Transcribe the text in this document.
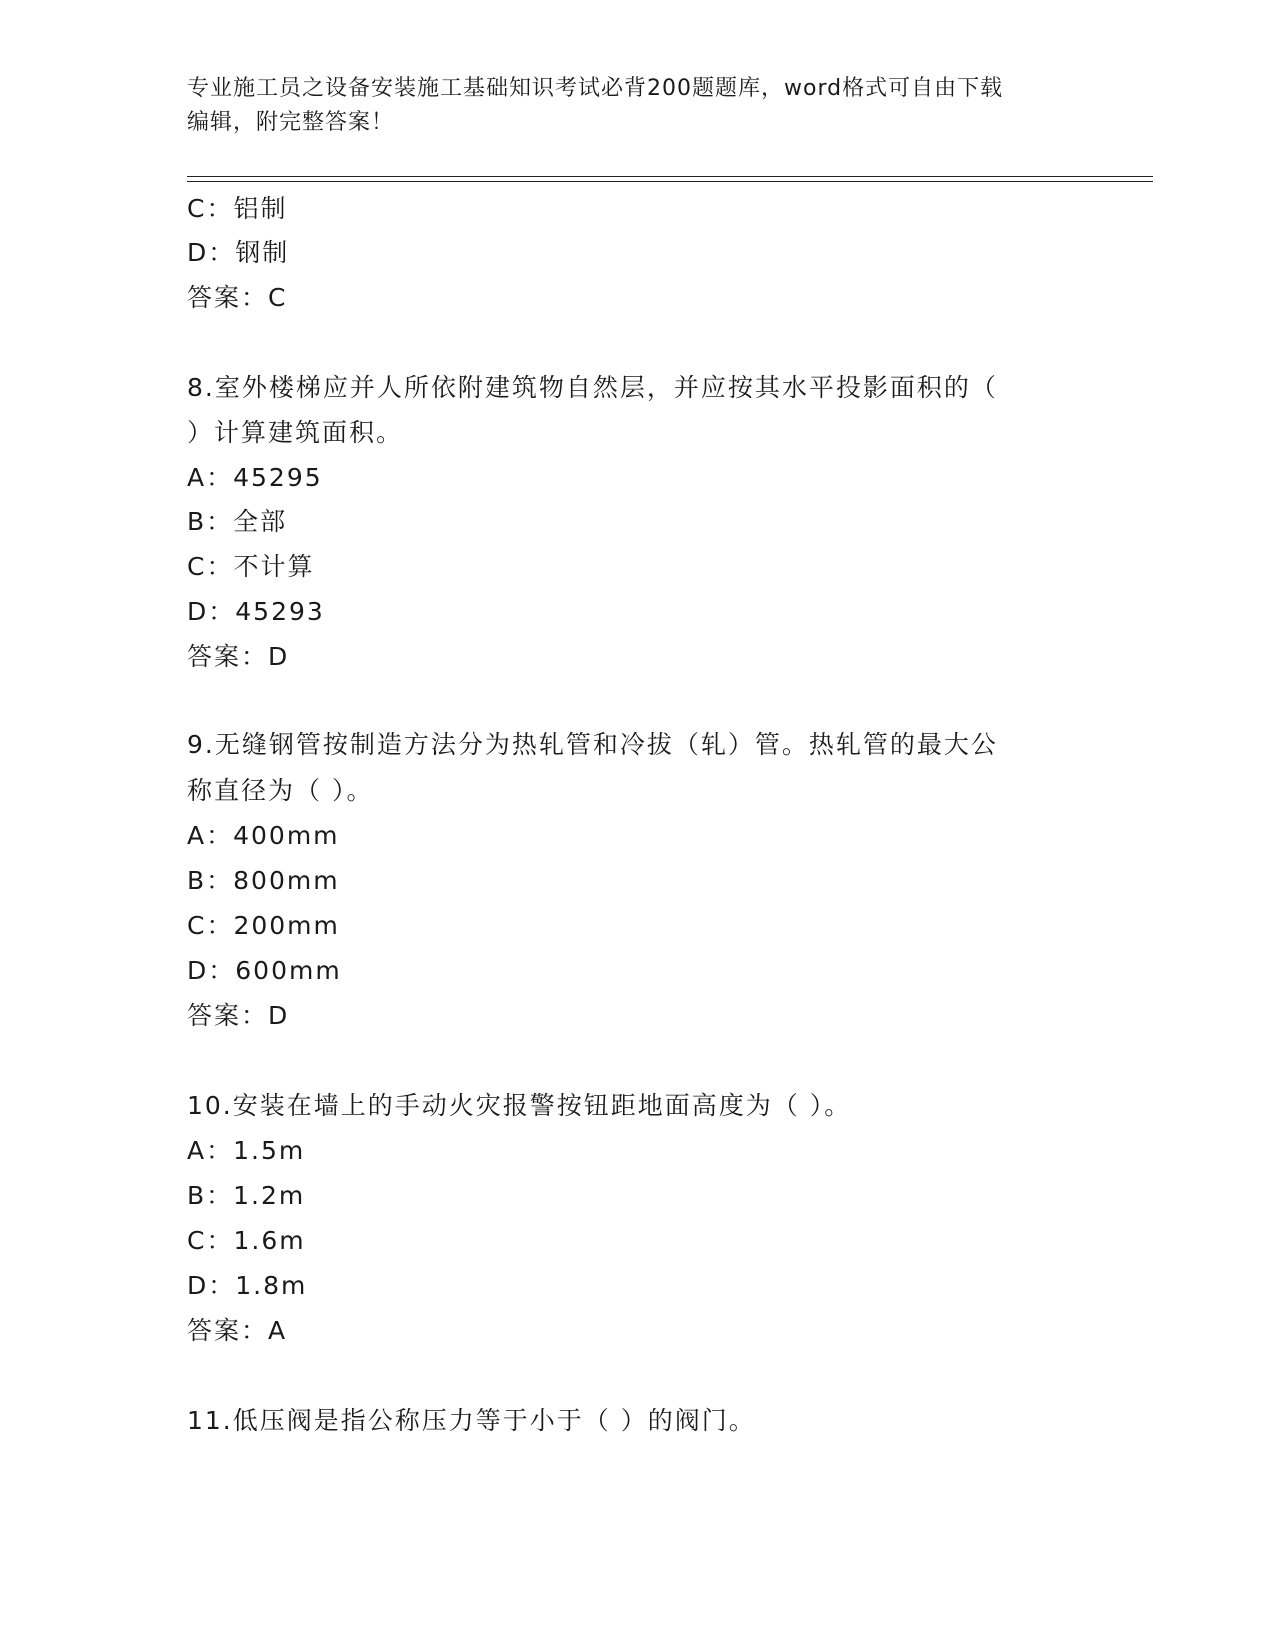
专业施工员之设备安装施工基础知识考试必背200题题库，word格式可自由下载
编辑，附完整答案！
C：铝制
D：钢制
答案：C
8.室外楼梯应并人所依附建筑物自然层，并应按其水平投影面积的（
）计算建筑面积。
A：45295
B：全部
C：不计算
D：45293
答案：D
9.无缝钢管按制造方法分为热轧管和冷拔（轧）管。热轧管的最大公
称直径为（ ）。
A：400mm
B：800mm
C：200mm
D：600mm
答案：D
10.安装在墙上的手动火灾报警按钮距地面高度为（ ）。
A：1.5m
B：1.2m
C：1.6m
D：1.8m
答案：A
11.低压阀是指公称压力等于小于（ ）的阀门。
